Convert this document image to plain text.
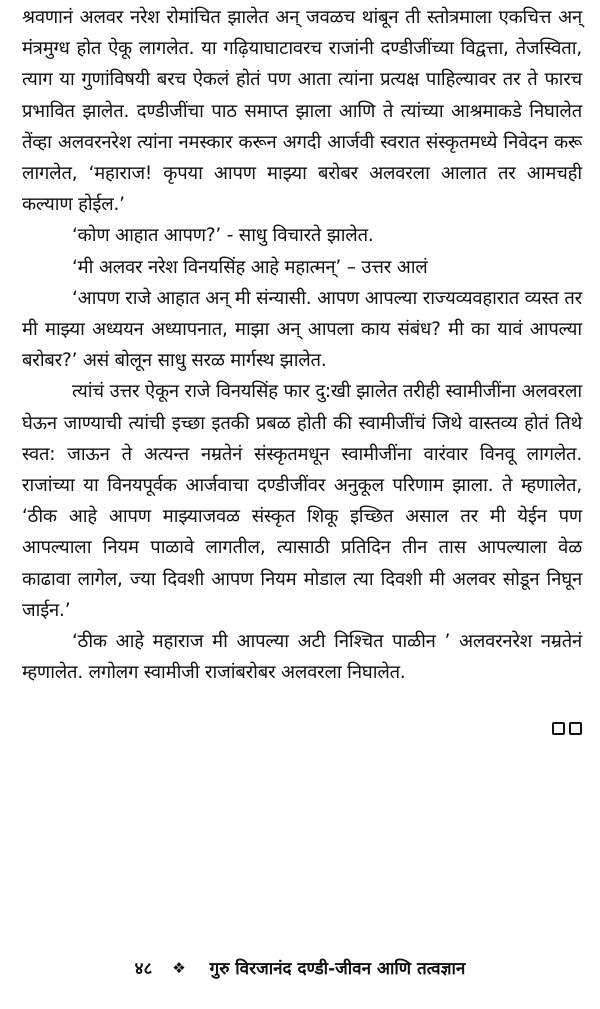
श्रवणानं अलवर नरेश रोमांचित झालेत अन् जवळच थांबून ती स्तोत्रमाला एकचित्त अन् मंत्रमुग्ध होत ऐकू लागलेत. या गढ़ियाघाटावरच राजांनी दण्डीजींच्या विद्वत्ता, तेजस्विता, त्याग या गुणांविषयी बरच ऐकलं होतं पण आता त्यांना प्रत्यक्ष पाहिल्यावर तर ते फारच प्रभावित झालेत. दण्डीजींचा पाठ समाप्त झाला आणि ते त्यांच्या आश्रमाकडे निघालेत तेंव्हा अलवरनरेश त्यांना नमस्कार करून अगदी आर्जवी स्वरात संस्कृतमध्ये निवेदन करू लागलेत, ‘महाराज! कृपया आपण माझ्या बरोबर अलवरला आलात तर आमचही कल्याण होईल.’

‘कोण आहात आपण?’ - साधु विचारते झालेत.

‘मी अलवर नरेश विनयसिंह आहे महात्मन्’ – उत्तर आलं

‘आपण राजे आहात अन् मी संन्यासी. आपण आपल्या राज्यव्यवहारात व्यस्त तर मी माझ्या अध्ययन अध्यापनात, माझा अन् आपला काय संबंध? मी का यावं आपल्या बरोबर?’ असं बोलून साधु सरळ मार्गस्थ झालेत.

त्यांचं उत्तर ऐकून राजे विनयसिंह फार दु:खी झालेत तरीही स्वामीजींना अलवरला घेऊन जाण्याची त्यांची इच्छा इतकी प्रबळ होती की स्वामीजींचं जिथे वास्तव्य होतं तिथे स्वत: जाऊन ते अत्यन्त नम्रतेनं संस्कृतमधून स्वामीजींना वारंवार विनवू लागलेत. राजांच्या या विनयपूर्वक आर्जवाचा दण्डीजींवर अनुकूल परिणाम झाला. ते म्हणालेत, ‘ठीक आहे आपण माझ्याजवळ संस्कृत शिकू इच्छित असाल तर मी येईन पण आपल्याला नियम पाळावे लागतील, त्यासाठी प्रतिदिन तीन तास आपल्याला वेळ काढावा लागेल, ज्या दिवशी आपण नियम मोडाल त्या दिवशी मी अलवर सोडून निघून जाईन.’

‘ठीक आहे महाराज मी आपल्या अटी निश्चित पाळीन ’ अलवरनरेश नम्रतेनं म्हणालेत. लगोलग स्वामीजी राजांबरोबर अलवरला निघालेत.

४८ ❖ गुरु विरजानंद दण्डी-जीवन आणि तत्वज्ञान
